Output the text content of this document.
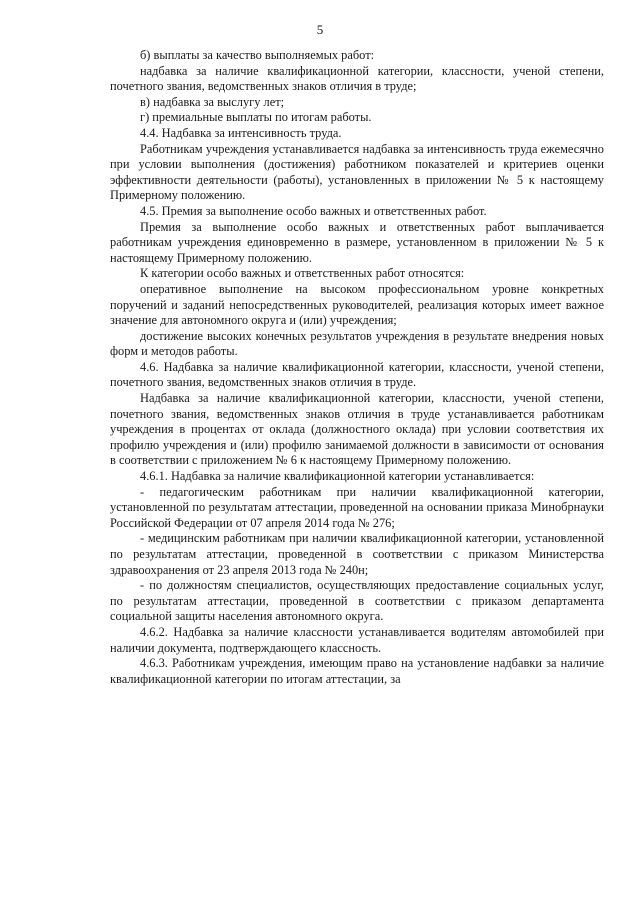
5

б) выплаты за качество выполняемых работ:

надбавка за наличие квалификационной категории, классности, ученой степени, почетного звания, ведомственных знаков отличия в труде;

в) надбавка за выслугу лет;

г) премиальные выплаты по итогам работы.

4.4. Надбавка за интенсивность труда.

Работникам учреждения устанавливается надбавка за интенсивность труда ежемесячно при условии выполнения (достижения) работником показателей и критериев оценки эффективности деятельности (работы), установленных в приложении № 5 к настоящему Примерному положению.

4.5. Премия за выполнение особо важных и ответственных работ.

Премия за выполнение особо важных и ответственных работ выплачивается работникам учреждения единовременно в размере, установленном в приложении № 5 к настоящему Примерному положению.

К категории особо важных и ответственных работ относятся:

оперативное выполнение на высоком профессиональном уровне конкретных поручений и заданий непосредственных руководителей, реализация которых имеет важное значение для автономного округа и (или) учреждения;

достижение высоких конечных результатов учреждения в результате внедрения новых форм и методов работы.

4.6. Надбавка за наличие квалификационной категории, классности, ученой степени, почетного звания, ведомственных знаков отличия в труде.

Надбавка за наличие квалификационной категории, классности, ученой степени, почетного звания, ведомственных знаков отличия в труде устанавливается работникам учреждения в процентах от оклада (должностного оклада) при условии соответствия их профилю учреждения и (или) профилю занимаемой должности в зависимости от основания в соответствии с приложением № 6 к настоящему Примерному положению.

4.6.1. Надбавка за наличие квалификационной категории устанавливается:

- педагогическим работникам при наличии квалификационной категории, установленной по результатам аттестации, проведенной на основании приказа Минобрнауки Российской Федерации от 07 апреля 2014 года № 276;

- медицинским работникам при наличии квалификационной категории, установленной по результатам аттестации, проведенной в соответствии с приказом Министерства здравоохранения от 23 апреля 2013 года № 240н;

- по должностям специалистов, осуществляющих предоставление социальных услуг, по результатам аттестации, проведенной в соответствии с приказом департамента социальной защиты населения автономного округа.

4.6.2. Надбавка за наличие классности устанавливается водителям автомобилей при наличии документа, подтверждающего классность.

4.6.3. Работникам учреждения, имеющим право на установление надбавки за наличие квалификационной категории по итогам аттестации, за
